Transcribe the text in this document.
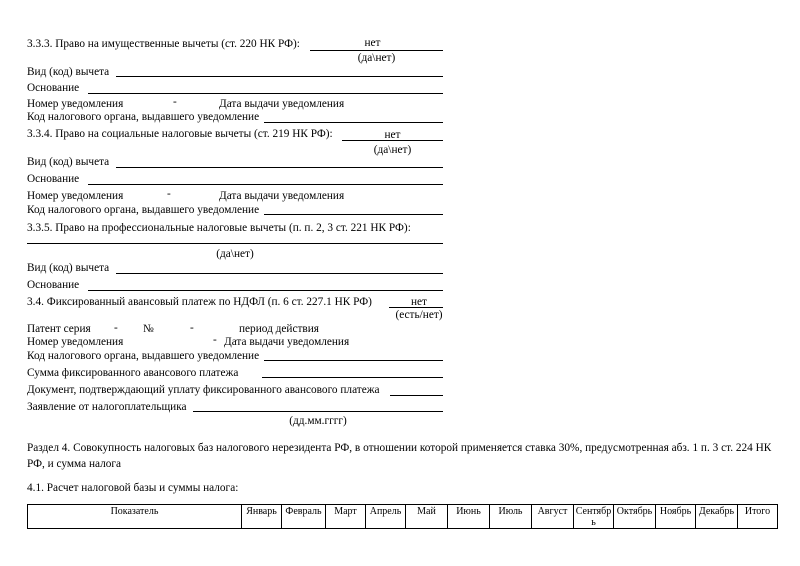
3.3.3. Право на имущественные вычеты (ст. 220 НК РФ):	нет
(да\нет)
Вид (код) вычета
Основание
Номер уведомления	-	Дата выдачи уведомления
Код налогового органа, выдавшего уведомление
3.3.4. Право на социальные налоговые вычеты (ст. 219 НК РФ):	нет
(да\нет)
Вид (код) вычета
Основание
Номер уведомления	-	Дата выдачи уведомления
Код налогового органа, выдавшего уведомление
3.3.5. Право на профессиональные налоговые вычеты (п. п. 2, 3 ст. 221 НК РФ):
(да\нет)
Вид (код) вычета
Основание
3.4. Фиксированный авансовый платеж по НДФЛ (п. 6 ст. 227.1 НК РФ)	нет
(есть/нет)
Патент серия - №	-	период действия
Номер уведомления	- Дата выдачи уведомления
Код налогового органа, выдавшего уведомление
Сумма фиксированного авансового платежа
Документ, подтверждающий уплату фиксированного авансового платежа
Заявление от налогоплательщика
(дд.мм.гггг)
Раздел 4. Совокупность налоговых баз налогового нерезидента РФ, в отношении которой применяется ставка 30%, предусмотренная абз. 1 п. 3 ст. 224 НК РФ, и сумма налога
4.1. Расчет налоговой базы и суммы налога:
Показатель	Январь	Февраль	Март	Апрель	Май	Июнь	Июль	Август	Сентябрь	Октябрь	Ноябрь	Декабрь	Итого
